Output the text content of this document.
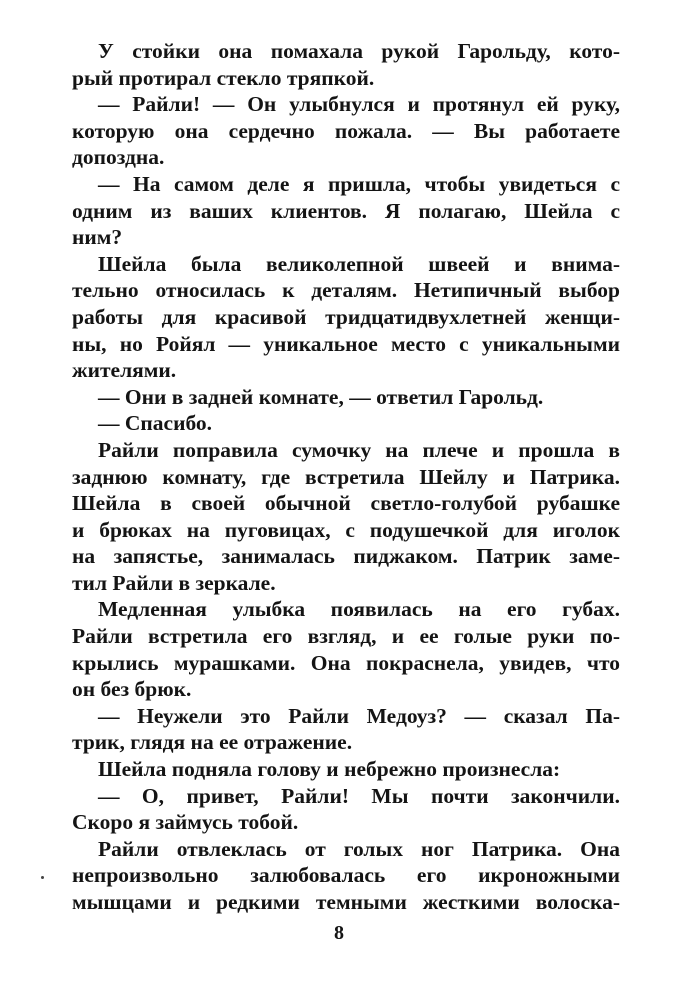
У стойки она помахала рукой Гарольду, кото-
рый протирал стекло тряпкой.
— Райли! — Он улыбнулся и протянул ей руку,
которую она сердечно пожала. — Вы работаете
допоздна.
— На самом деле я пришла, чтобы увидеться с
одним из ваших клиентов. Я полагаю, Шейла с
ним?
Шейла была великолепной швеей и внима-
тельно относилась к деталям. Нетипичный выбор
работы для красивой тридцатидвухлетней женщи-
ны, но Ройял — уникальное место с уникальными
жителями.
— Они в задней комнате, — ответил Гарольд.
— Спасибо.
Райли поправила сумочку на плече и прошла в
заднюю комнату, где встретила Шейлу и Патрика.
Шейла в своей обычной светло-голубой рубашке
и брюках на пуговицах, с подушечкой для иголок
на запястье, занималась пиджаком. Патрик заме-
тил Райли в зеркале.
Медленная улыбка появилась на его губах.
Райли встретила его взгляд, и ее голые руки по-
крылись мурашками. Она покраснела, увидев, что
он без брюк.
— Неужели это Райли Медоуз? — сказал Па-
трик, глядя на ее отражение.
Шейла подняла голову и небрежно произнесла:
— О, привет, Райли! Мы почти закончили.
Скоро я займусь тобой.
Райли отвлеклась от голых ног Патрика. Она
непроизвольно залюбовалась его икроножными
мышцами и редкими темными жесткими волоска-
8
